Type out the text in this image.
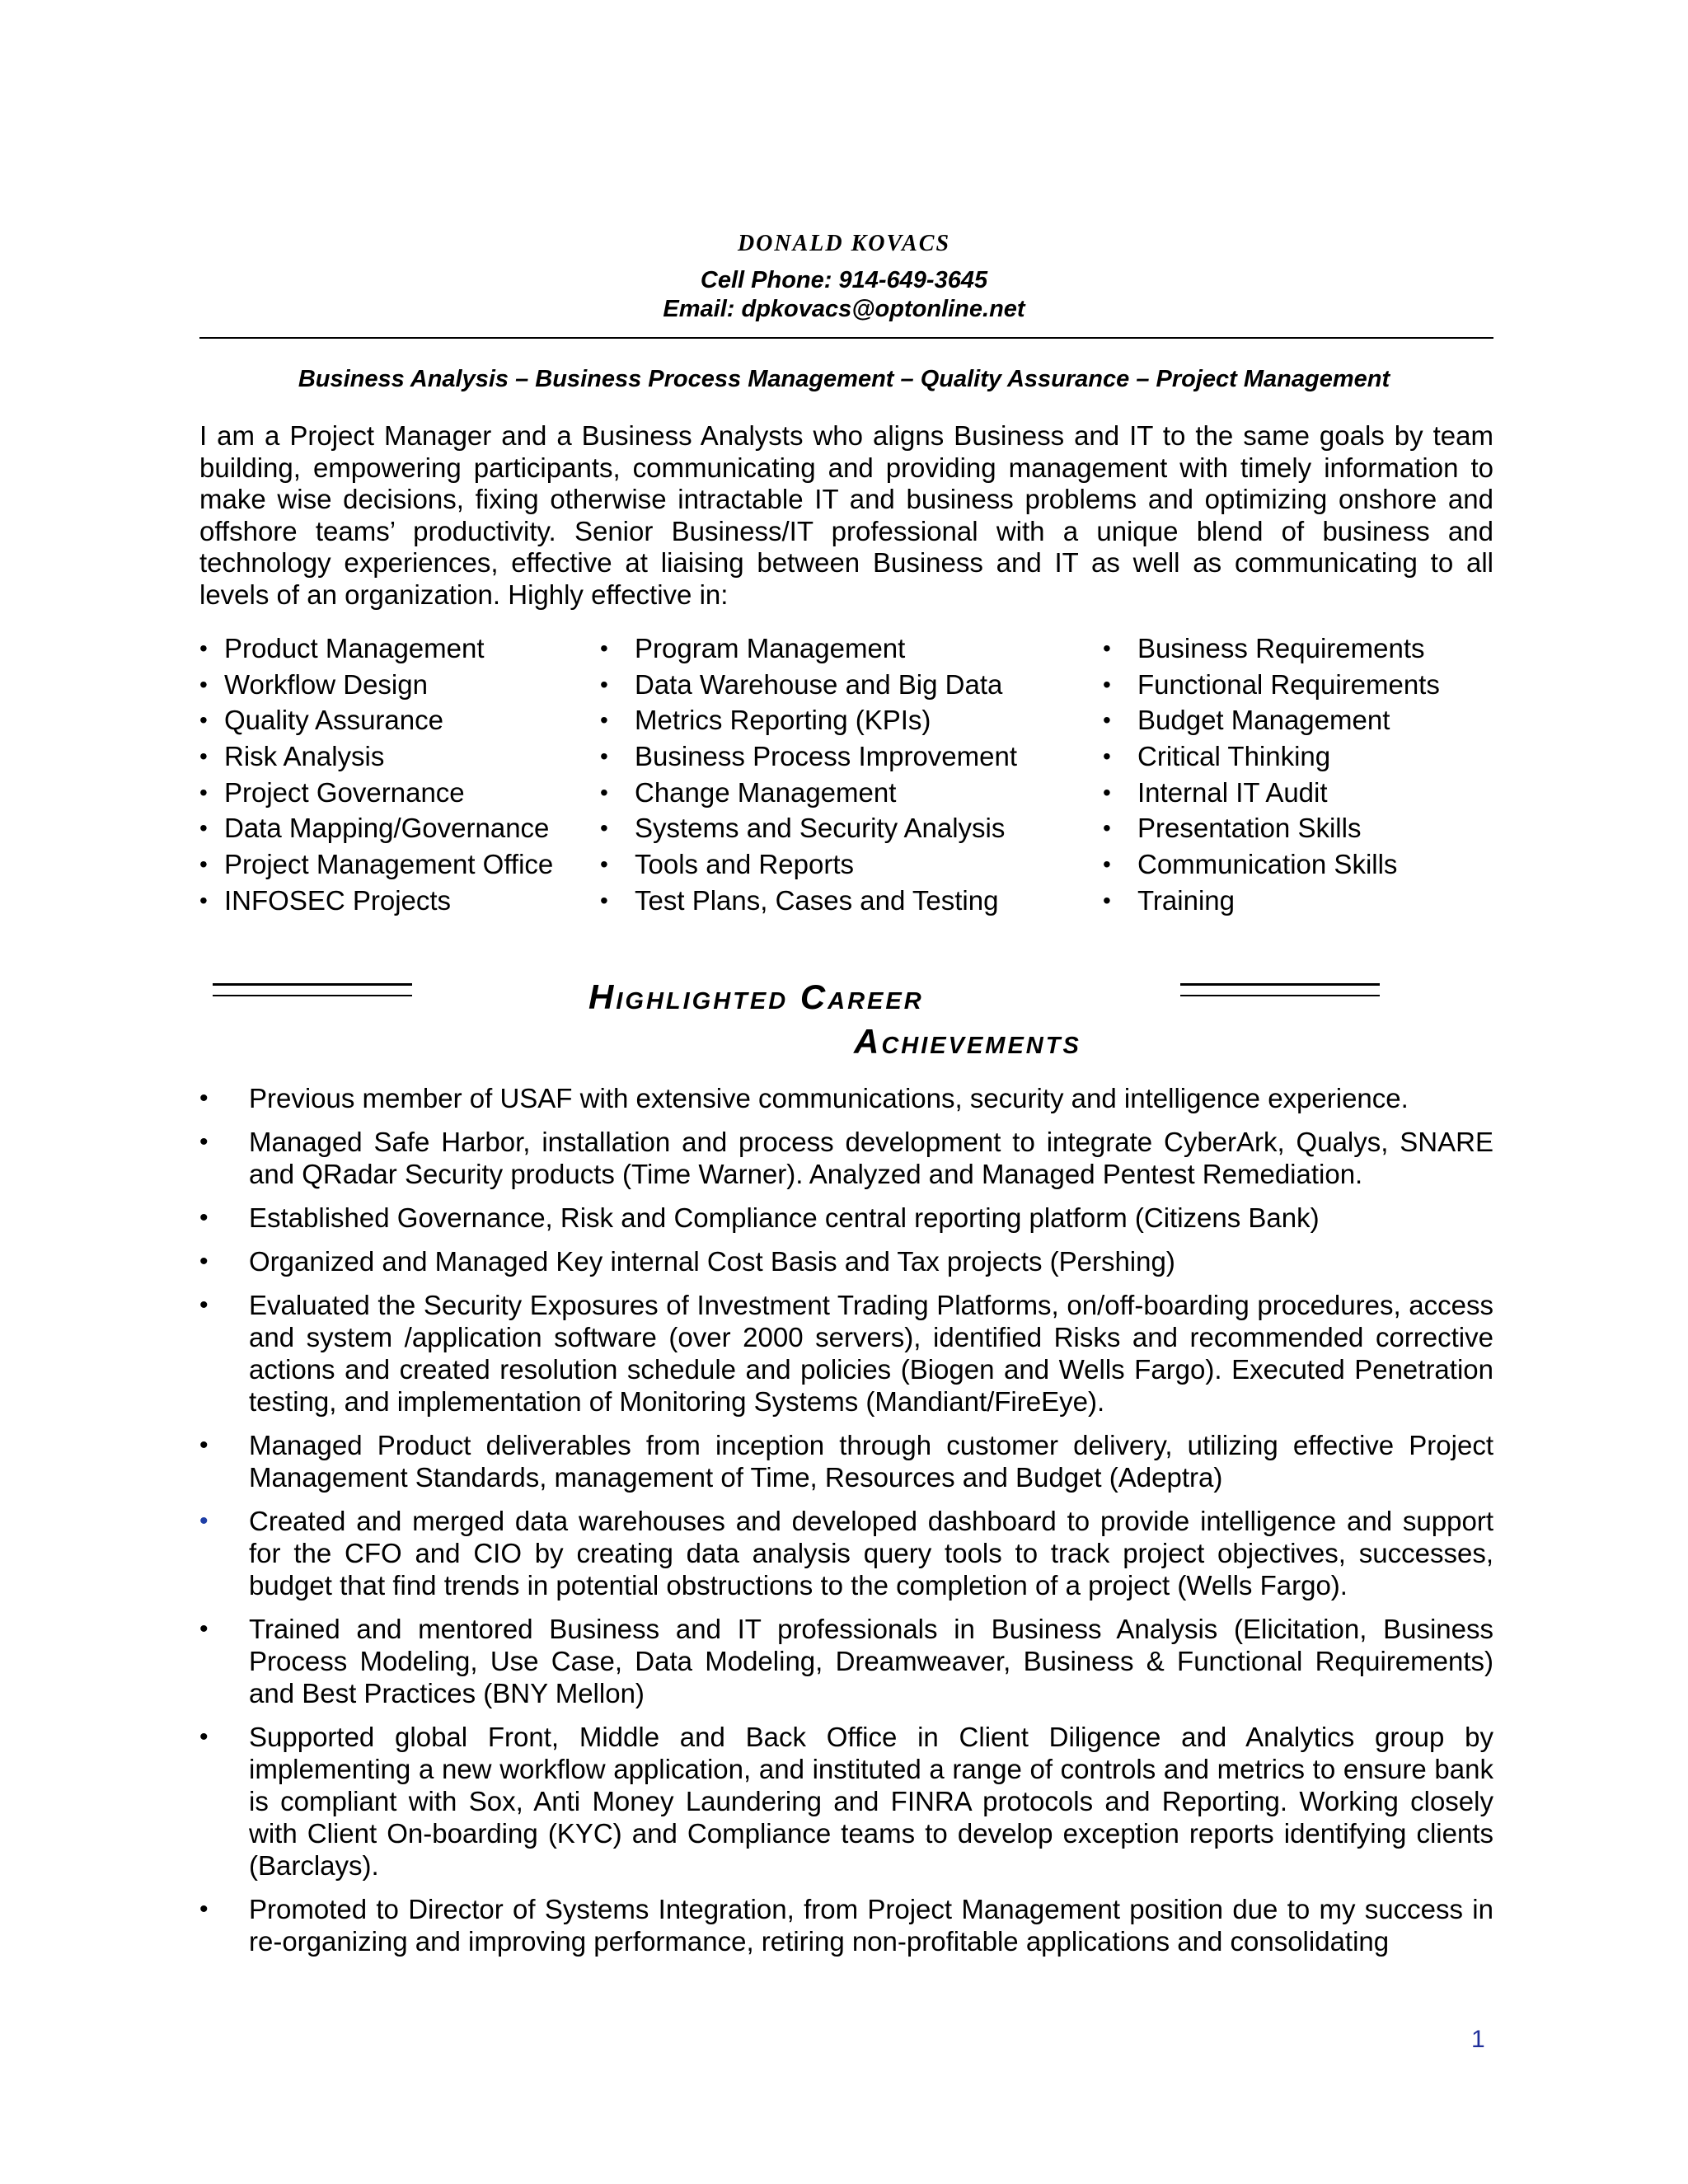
DONALD KOVACS
Cell Phone: 914-649-3645
Email: dpkovacs@optonline.net
Business Analysis – Business Process Management – Quality Assurance – Project Management

I am a Project Manager and a Business Analysts who aligns Business and IT to the same goals by team building, empowering participants, communicating and providing management with timely information to make wise decisions, fixing otherwise intractable IT and business problems and optimizing onshore and offshore teams’ productivity. Senior Business/IT professional with a unique blend of business and technology experiences, effective at liaising between Business and IT as well as communicating to all levels of an organization. Highly effective in:

• Product Management
• Workflow Design
• Quality Assurance
• Risk Analysis
• Project Governance
• Data Mapping/Governance
• Project Management Office
• INFOSEC Projects
• Program Management
• Data Warehouse and Big Data
• Metrics Reporting (KPIs)
• Business Process Improvement
• Change Management
• Systems and Security Analysis
• Tools and Reports
• Test Plans, Cases and Testing
• Business Requirements
• Functional Requirements
• Budget Management
• Critical Thinking
• Internal IT Audit
• Presentation Skills
• Communication Skills
• Training
Highlighted Career
Achievements
• Previous member of USAF with extensive communications, security and intelligence experience.
• Managed Safe Harbor, installation and process development to integrate CyberArk, Qualys, SNARE and QRadar Security products (Time Warner). Analyzed and Managed Pentest Remediation.
• Established Governance, Risk and Compliance central reporting platform (Citizens Bank)
• Organized and Managed Key internal Cost Basis and Tax projects (Pershing)
• Evaluated the Security Exposures of Investment Trading Platforms, on/off-boarding procedures, access and system /application software (over 2000 servers), identified Risks and recommended corrective actions and created resolution schedule and policies (Biogen and Wells Fargo). Executed Penetration testing, and implementation of Monitoring Systems (Mandiant/FireEye).
• Managed Product deliverables from inception through customer delivery, utilizing effective Project Management Standards, management of Time, Resources and Budget (Adeptra)
• Created and merged data warehouses and developed dashboard to provide intelligence and support for the CFO and CIO by creating data analysis query tools to track project objectives, successes, budget that find trends in potential obstructions to the completion of a project (Wells Fargo).
• Trained and mentored Business and IT professionals in Business Analysis (Elicitation, Business Process Modeling, Use Case, Data Modeling, Dreamweaver, Business & Functional Requirements) and Best Practices (BNY Mellon)
• Supported global Front, Middle and Back Office in Client Diligence and Analytics group by implementing a new workflow application, and instituted a range of controls and metrics to ensure bank is compliant with Sox, Anti Money Laundering and FINRA protocols and Reporting. Working closely with Client On-boarding (KYC) and Compliance teams to develop exception reports identifying clients (Barclays).
• Promoted to Director of Systems Integration, from Project Management position due to my success in re-organizing and improving performance, retiring non-profitable applications and consolidating
1
